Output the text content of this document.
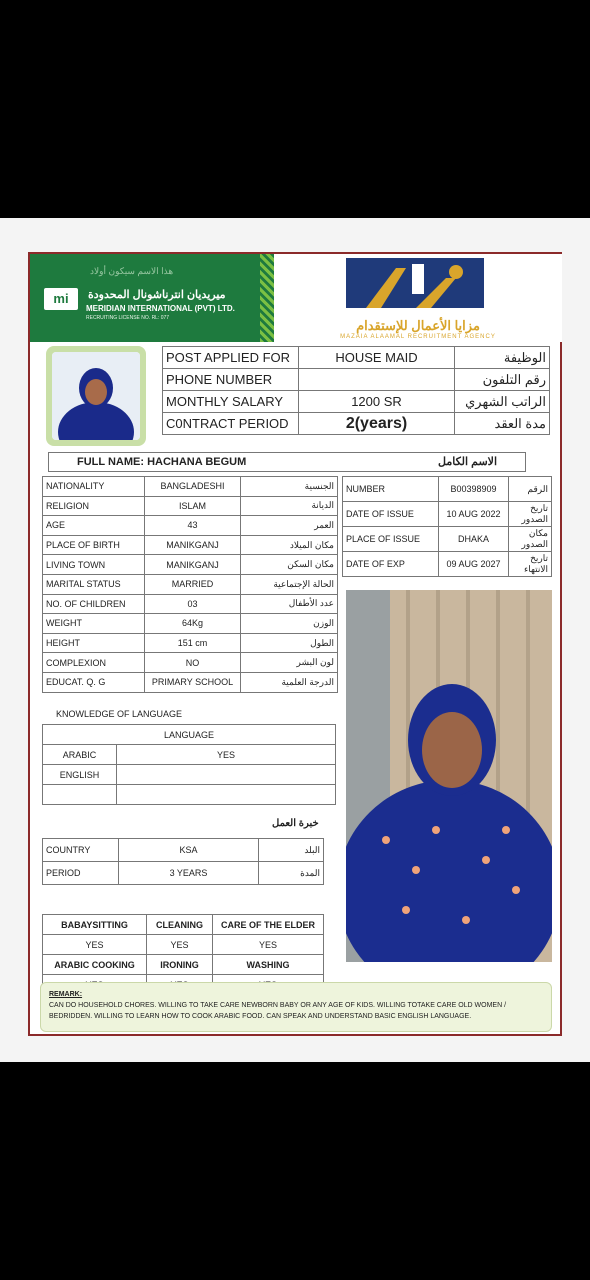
هذا الاسم سيكون أولاد
mi	ميريديان انترناشونال المحدودة
MERIDIAN INTERNATIONAL (PVT) LTD.
RECRUITING LICENSE NO. RL: 077	مزايا الأعمال للإستقدام
MAZAIA ALAAMAL RECRUITMENT AGENCY
POST APPLIED FOR	HOUSE MAID	الوظيفة
PHONE NUMBER		رقم التلفون
MONTHLY SALARY	1200 SR	الراتب الشهري
C0NTRACT PERIOD	2(years)	مدة العقد
FULL NAME: HACHANA BEGUM	الاسم الكامل
NATIONALITY	BANGLADESHI	الجنسية
RELIGION	ISLAM	الديانة
AGE	43	العمر
PLACE OF BIRTH	MANIKGANJ	مكان الميلاد
LIVING TOWN	MANIKGANJ	مكان السكن
MARITAL STATUS	MARRIED	الحالة الإجتماعية
NO. OF CHILDREN	03	عدد الأطفال
WEIGHT	64Kg	الوزن
HEIGHT	151 cm	الطول
COMPLEXION	NO	لون البشر
EDUCAT. Q. G	PRIMARY SCHOOL	الدرجة العلمية
NUMBER	B00398909	الرقم
DATE OF ISSUE	10 AUG 2022	تاريخ الصدور
PLACE OF ISSUE	DHAKA	مكان الصدور
DATE OF EXP	09 AUG 2027	تاريخ الانتهاء
KNOWLEDGE OF LANGUAGE
LANGUAGE	
ARABIC	YES
ENGLISH	

خبرة العمل
COUNTRY	KSA	البلد
PERIOD	3 YEARS	المدة
BABAYSITTING	CLEANING	CARE OF THE ELDER
YES	YES	YES
ARABIC COOKING	IRONING	WASHING

REMARK:
CAN DO HOUSEHOLD CHORES. WILLING TO TAKE CARE NEWBORN BABY OR ANY AGE OF KIDS. WILLING TOTAKE CARE OLD WOMEN / BEDRIDDEN. WILLING TO LEARN HOW TO COOK ARABIC FOOD. CAN SPEAK AND UNDERSTAND BASIC ENGLISH LANGUAGE.
